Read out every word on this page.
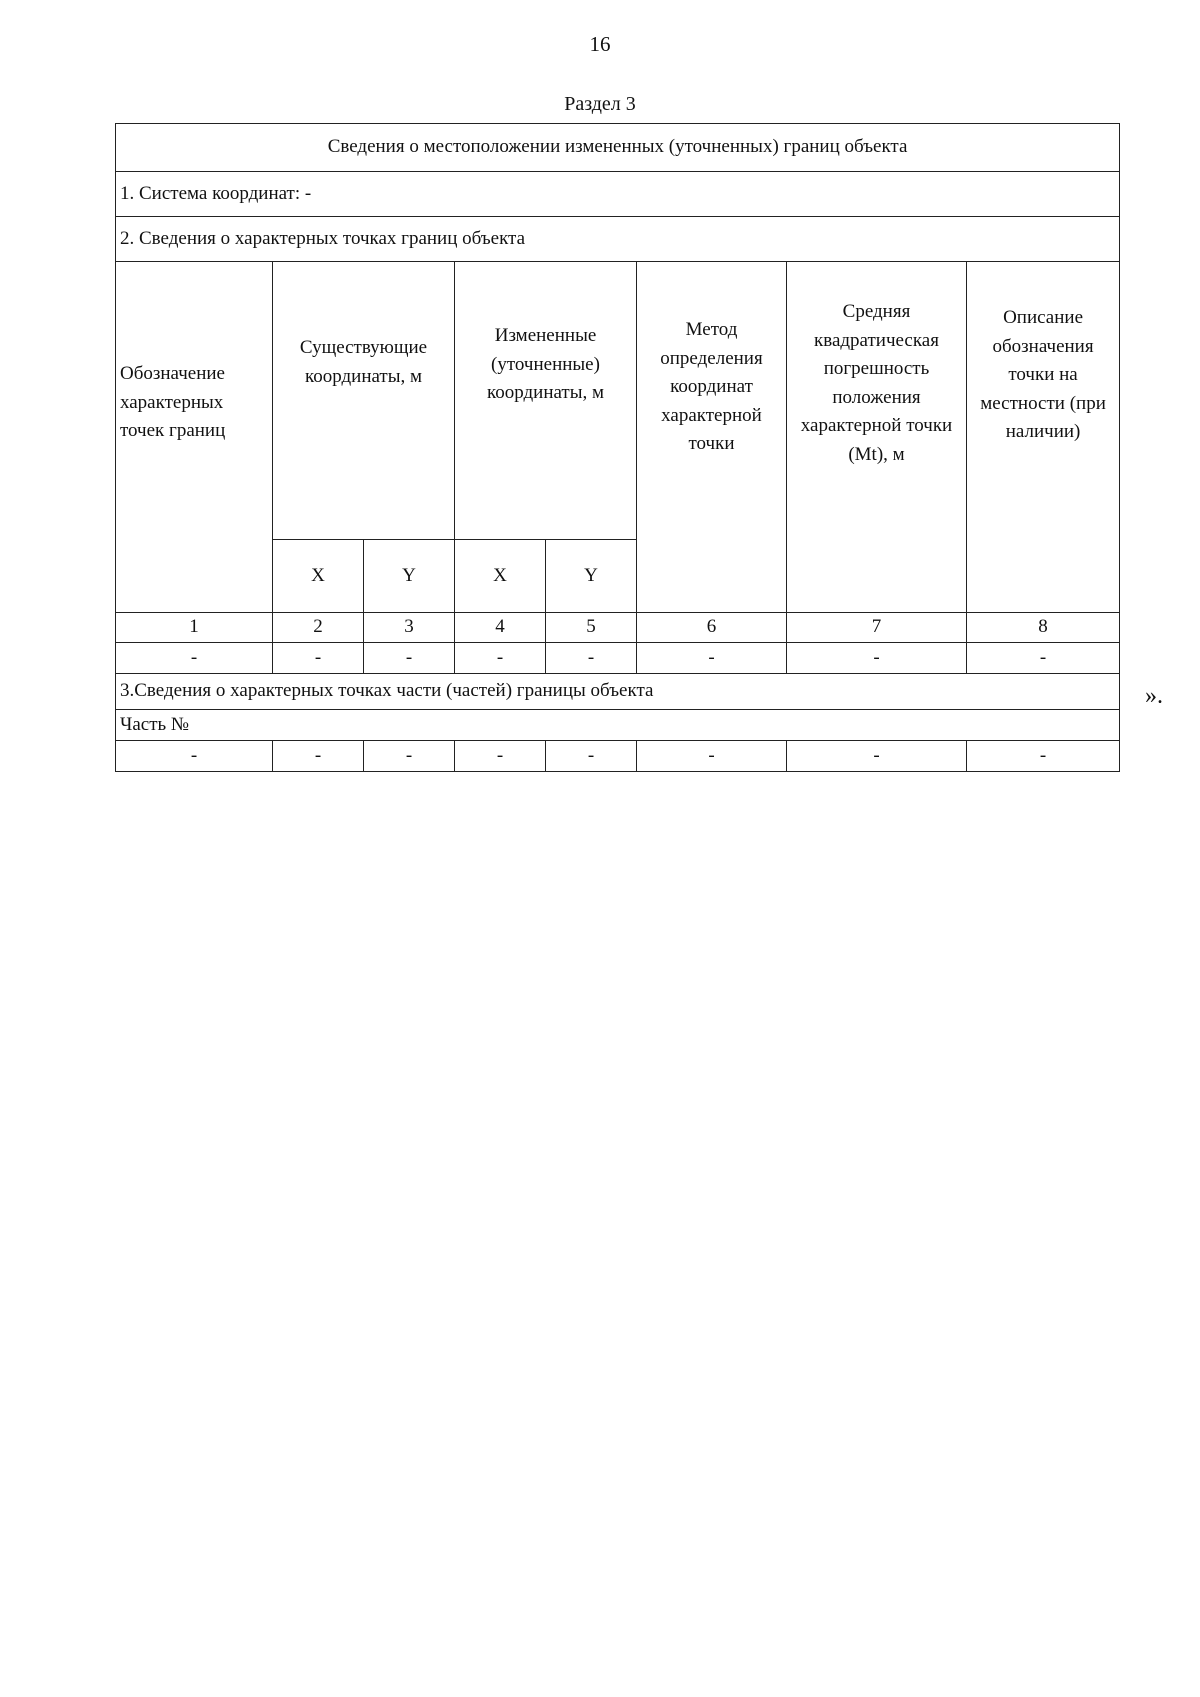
16
Раздел 3
Сведения о местоположении измененных (уточненных) границ объекта							
1. Система координат: -							
2. Сведения о характерных точках границ объекта							
Обозначение характерных точек границ	Существующие координаты, м		Измененные (уточненные) координаты, м		Метод определения координат характерной точки	Средняя квадратическая погрешность положения характерной точки (Mt), м	Описание обозначения точки на местности (при наличии)
	X	Y	X	Y			
1	2	3	4	5	6	7	8
-	-	-	-	-	-	-	-
3.Сведения о характерных точках части (частей) границы объекта							
Часть №							
-	-	-	-	-	-	-	-
».
